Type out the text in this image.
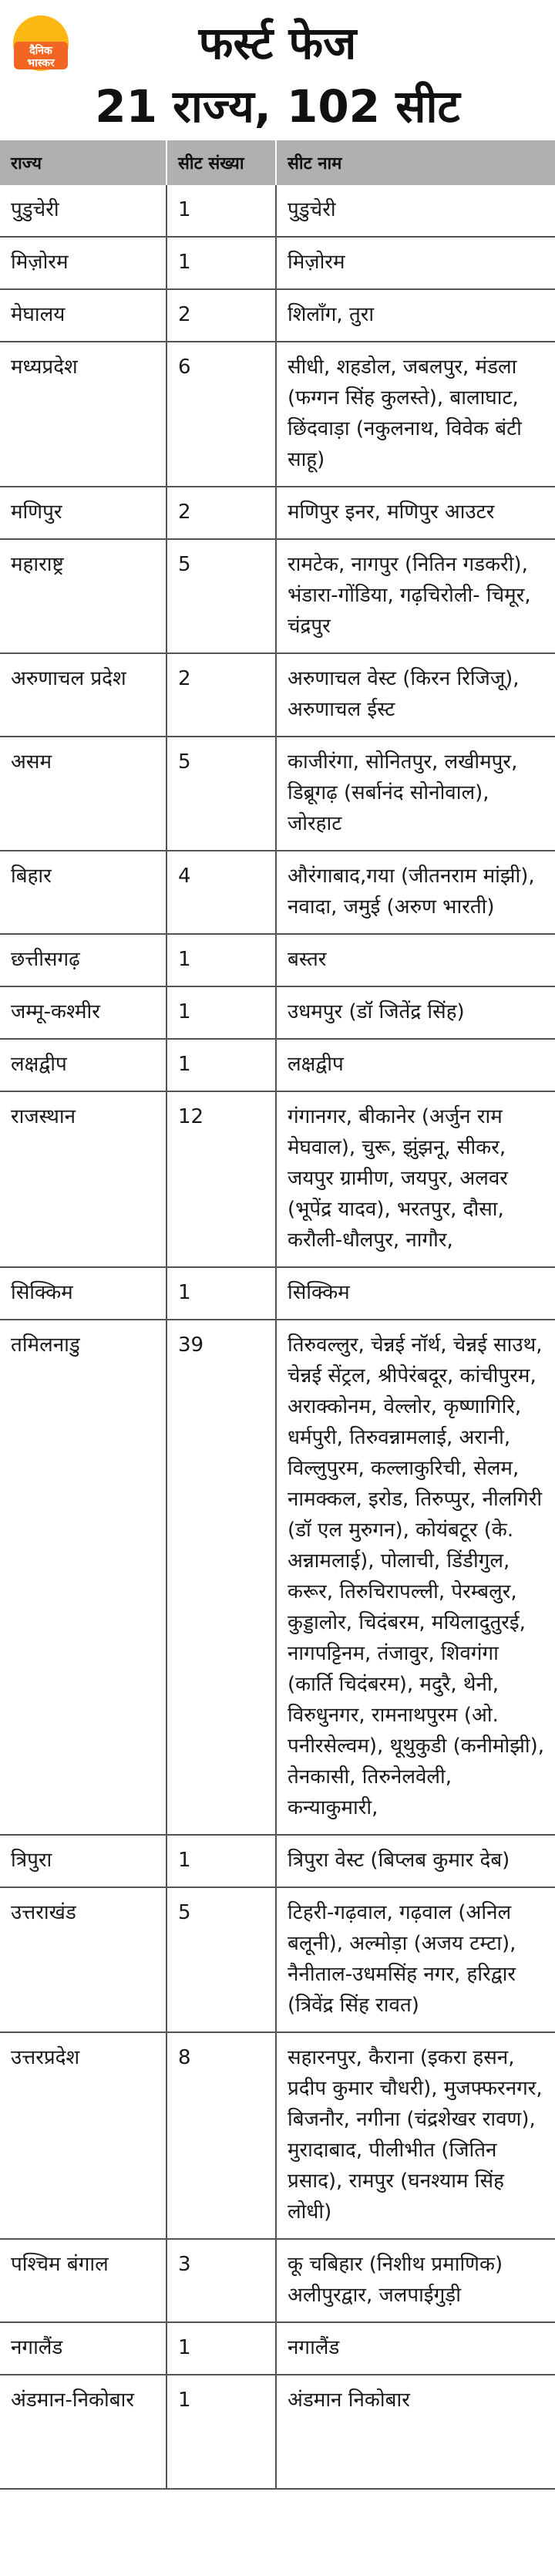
दैनिक
भास्कर	फर्स्ट फेज
21 राज्य, 102 सीट
राज्य	सीट संख्या	सीट नाम
पुडुचेरी	1	पुडुचेरी
मिज़ोरम	1	मिज़ोरम
मेघालय	2	शिलॉंग, तुरा
मध्यप्रदेश	6	सीधी, शहडोल, जबलपुर, मंडला (फग्गन सिंह कुलस्ते), बालाघाट, छिंदवाड़ा (नकुलनाथ, विवेक बंटी साहू)
मणिपुर	2	मणिपुर इनर, मणिपुर आउटर
महाराष्ट्र	5	रामटेक, नागपुर (नितिन गडकरी), भंडारा-गोंडिया, गढ़चिरोली- चिमूर, चंद्रपुर
अरुणाचल प्रदेश	2	अरुणाचल वेस्ट (किरन रिजिजू), अरुणाचल ईस्ट
असम	5	काजीरंगा, सोनितपुर, लखीमपुर, डिब्रूगढ़ (सर्बानंद सोनोवाल), जोरहाट
बिहार	4	औरंगाबाद,गया (जीतनराम मांझी), नवादा, जमुई (अरुण भारती)
छत्तीसगढ़	1	बस्तर
जम्मू-कश्मीर	1	उधमपुर (डॉ जितेंद्र सिंह)
लक्षद्वीप	1	लक्षद्वीप
राजस्थान	12	गंगानगर, बीकानेर (अर्जुन राम मेघवाल), चुरू, झुंझनू, सीकर, जयपुर ग्रामीण, जयपुर, अलवर (भूपेंद्र यादव), भरतपुर, दौसा, करौली-धौलपुर, नागौर,
सिक्किम	1	सिक्किम
तमिलनाडु	39	तिरुवल्लुर, चेन्नई नॉर्थ, चेन्नई साउथ, चेन्नई सेंट्रल, श्रीपेरंबदूर, कांचीपुरम, अराक्कोनम, वेल्लोर, कृष्णागिरि, धर्मपुरी, तिरुवन्नामलाई, अरानी, विल्लुपुरम, कल्लाकुरिची, सेलम, नामक्कल, इरोड, तिरुप्पुर, नीलगिरी (डॉ एल मुरुगन), कोयंबटूर (के. अन्नामलाई), पोलाची, डिंडीगुल, करूर, तिरुचिरापल्ली, पेरम्बलुर, कुड्डालोर, चिदंबरम, मयिलादुतुरई, नागपट्टिनम, तंजावुर, शिवगंगा (कार्ति चिदंबरम), मदुरै, थेनी, विरुधुनगर, रामनाथपुरम (ओ. पनीरसेल्वम), थूथुकुडी (कनीमोझी), तेनकासी, तिरुनेलवेली, कन्याकुमारी,
त्रिपुरा	1	त्रिपुरा वेस्ट (बिप्लब कुमार देब)
उत्तराखंड	5	टिहरी-गढ़वाल, गढ़वाल (अनिल बलूनी), अल्मोड़ा (अजय टम्टा), नैनीताल-उधमसिंह नगर, हरिद्वार (त्रिवेंद्र सिंह रावत)
उत्तरप्रदेश	8	सहारनपुर, कैराना (इकरा हसन, प्रदीप कुमार चौधरी), मुजफ्फरनगर, बिजनौर, नगीना (चंद्रशेखर रावण), मुरादाबाद, पीलीभीत (जितिन प्रसाद), रामपुर (घनश्याम सिंह लोधी)
पश्चिम बंगाल	3	कू चबिहार (निशीथ प्रमाणिक) अलीपुरद्वार, जलपाईगुड़ी
नगालैंड	1	नगालैंड
अंडमान-निकोबार	1	अंडमान निकोबार
